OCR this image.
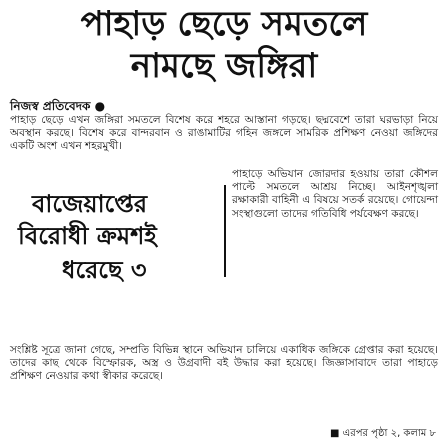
পাহাড় ছেড়ে সমতলে
নামছে জঙ্গিরা
নিজস্ব প্রতিবেদক ●
পাহাড় ছেড়ে এখন জঙ্গিরা সমতলে বিশেষ করে শহরে আস্তানা গড়ছে। ছদ্মবেশে তারা ঘরভাড়া নিয়ে অবস্থান করছে। বিশেষ করে বান্দরবান ও রাঙামাটির গহিন জঙ্গলে সামরিক প্রশিক্ষণ নেওয়া জঙ্গিদের একটি অংশ এখন শহরমুখী।
বাজেয়াপ্তের
বিরোধী ক্রমশই
ধরেছে ৩
পাহাড়ে অভিযান জোরদার হওয়ায় তারা কৌশল পাল্টে সমতলে আশ্রয় নিচ্ছে। আইনশৃঙ্খলা রক্ষাকারী বাহিনী এ বিষয়ে সতর্ক রয়েছে। গোয়েন্দা সংস্থাগুলো তাদের গতিবিধি পর্যবেক্ষণ করছে।
সংশ্লিষ্ট সূত্রে জানা গেছে, সম্প্রতি বিভিন্ন স্থানে অভিযান চালিয়ে একাধিক জঙ্গিকে গ্রেপ্তার করা হয়েছে। তাদের কাছ থেকে বিস্ফোরক, অস্ত্র ও উগ্রবাদী বই উদ্ধার করা হয়েছে। জিজ্ঞাসাবাদে তারা পাহাড়ে প্রশিক্ষণ নেওয়ার কথা স্বীকার করেছে।
■ এরপর পৃষ্ঠা ২, কলাম ৮
